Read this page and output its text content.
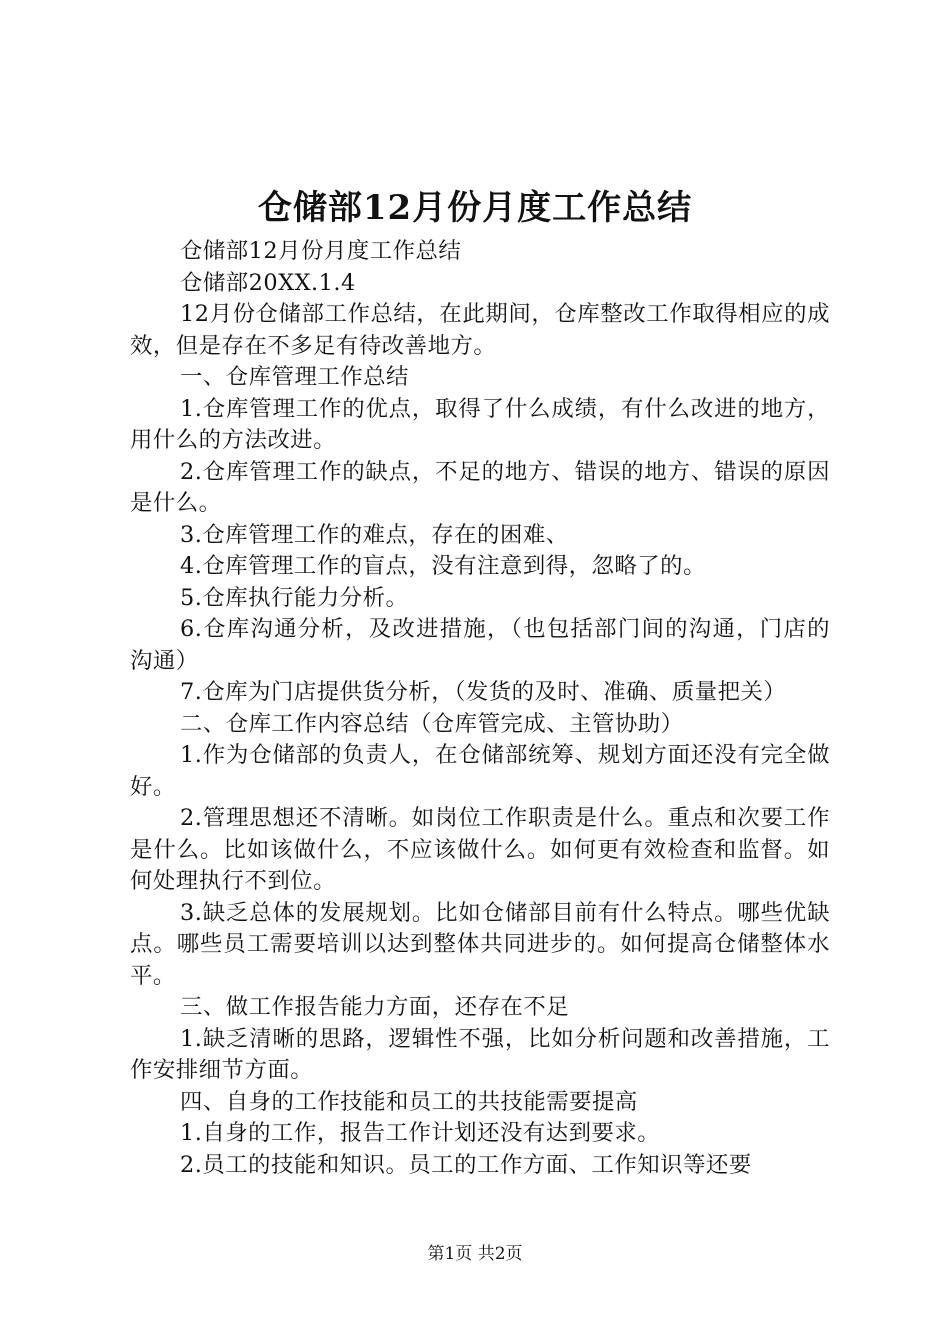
仓储部12月份月度工作总结

仓储部12月份月度工作总结

仓储部20XX.1.4

12月份仓储部工作总结，在此期间，仓库整改工作取得相应的成效，但是存在不多足有待改善地方。

一、仓库管理工作总结

1.仓库管理工作的优点，取得了什么成绩，有什么改进的地方，用什么的方法改进。

2.仓库管理工作的缺点，不足的地方、错误的地方、错误的原因是什么。

3.仓库管理工作的难点，存在的困难、

4.仓库管理工作的盲点，没有注意到得，忽略了的。

5.仓库执行能力分析。

6.仓库沟通分析，及改进措施，（也包括部门间的沟通，门店的沟通）

7.仓库为门店提供货分析，（发货的及时、准确、质量把关）

二、仓库工作内容总结（仓库管完成、主管协助）

1.作为仓储部的负责人，在仓储部统筹、规划方面还没有完全做好。

2.管理思想还不清晰。如岗位工作职责是什么。重点和次要工作是什么。比如该做什么，不应该做什么。如何更有效检查和监督。如何处理执行不到位。

3.缺乏总体的发展规划。比如仓储部目前有什么特点。哪些优缺点。哪些员工需要培训以达到整体共同进步的。如何提高仓储整体水平。

三、做工作报告能力方面，还存在不足

1.缺乏清晰的思路，逻辑性不强，比如分析问题和改善措施，工作安排细节方面。

四、自身的工作技能和员工的共技能需要提高

1.自身的工作，报告工作计划还没有达到要求。

2.员工的技能和知识。员工的工作方面、工作知识等还要

第1页 共2页
